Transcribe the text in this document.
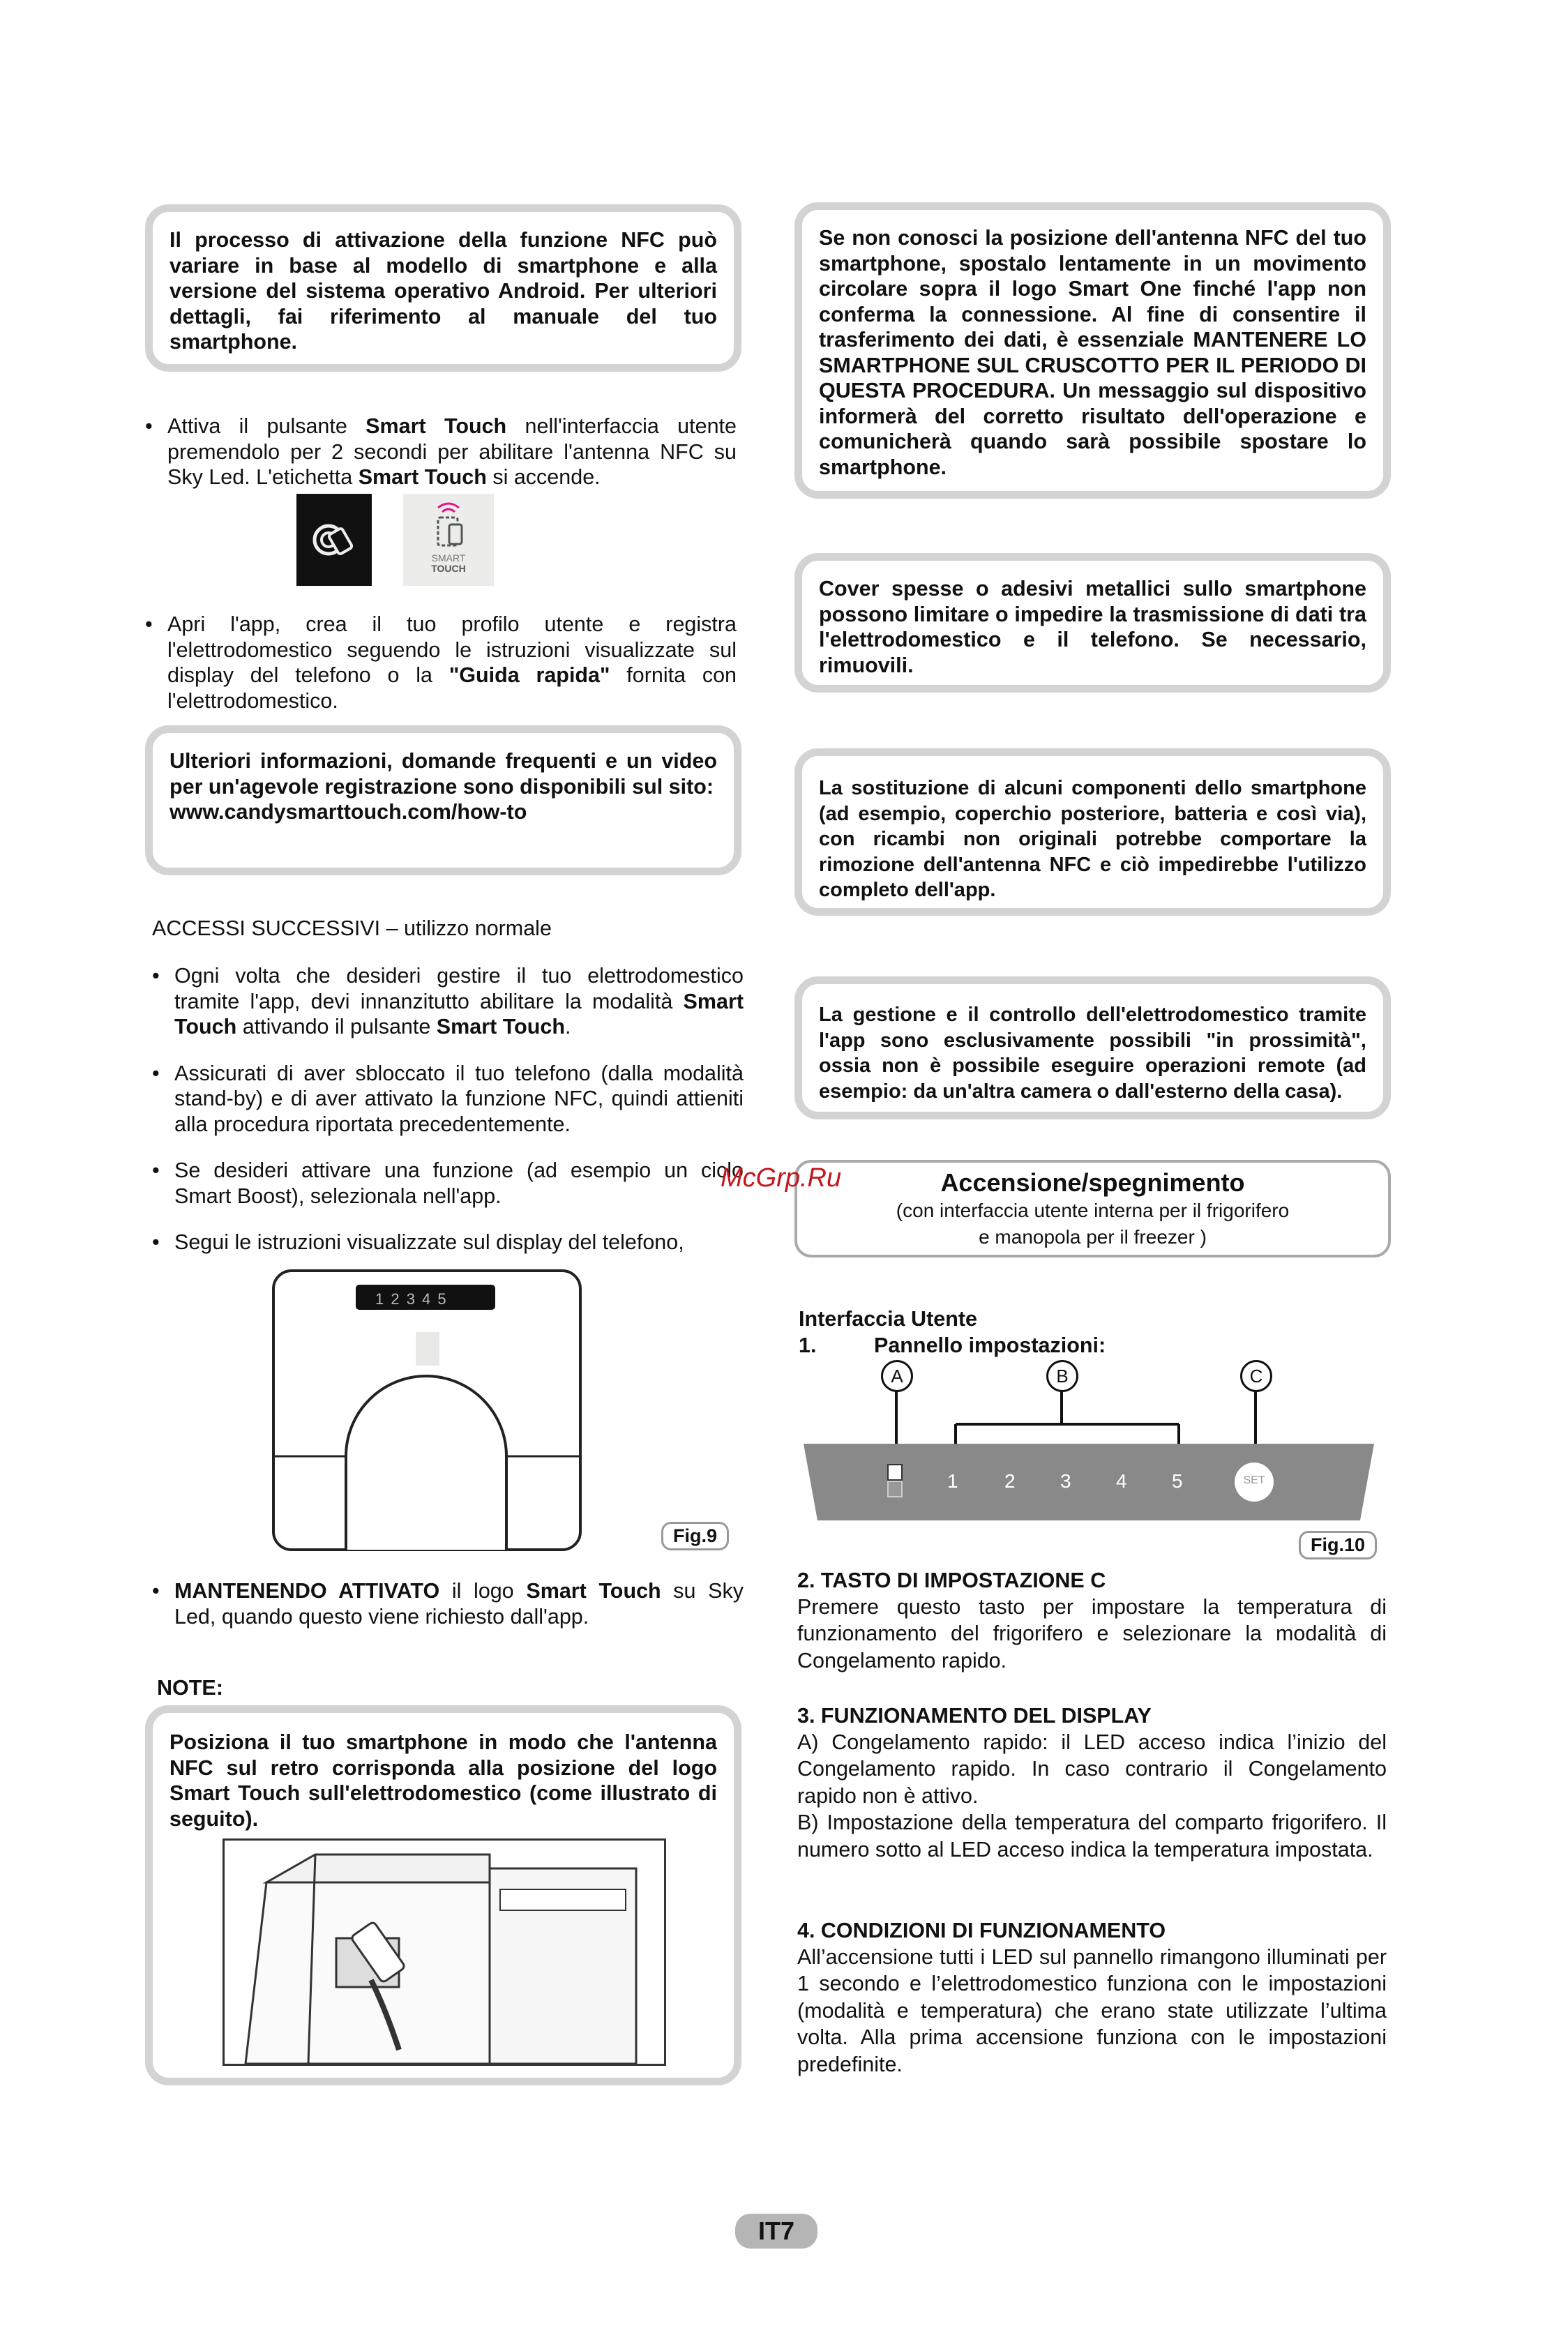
Il processo di attivazione della funzione NFC può variare in base al modello di smartphone e alla versione del sistema operativo Android. Per ulteriori dettagli, fai riferimento al manuale del tuo smartphone.

• Attiva il pulsante Smart Touch nell'interfaccia utente premendolo per 2 secondi per abilitare l'antenna NFC su Sky Led. L'etichetta Smart Touch si accende.
SMART
TOUCH
• Apri l'app, crea il tuo profilo utente e registra l'elettrodomestico seguendo le istruzioni visualizzate sul display del telefono o la "Guida rapida" fornita con l'elettrodomestico.

Ulteriori informazioni, domande frequenti e un video per un'agevole registrazione sono disponibili sul sito:

www.candysmarttouch.com/how-to

ACCESSI SUCCESSIVI – utilizzo normale
• Ogni volta che desideri gestire il tuo elettrodomestico tramite l'app, devi innanzitutto abilitare la modalità Smart Touch attivando il pulsante Smart Touch.
• Assicurati di aver sbloccato il tuo telefono (dalla modalità stand-by) e di aver attivato la funzione NFC, quindi attieniti alla procedura riportata precedentemente.
• Se desideri attivare una funzione (ad esempio un ciclo Smart Boost), selezionala nell'app.
• Segui le istruzioni visualizzate sul display del telefono,
1 2 3 4 5
Fig.9
• MANTENENDO ATTIVATO il logo Smart Touch su Sky Led, quando questo viene richiesto dall'app.
NOTE:

Posiziona il tuo smartphone in modo che l'antenna NFC sul retro corrisponda alla posizione del logo Smart Touch sull'elettrodomestico (come illustrato di seguito).

Se non conosci la posizione dell'antenna NFC del tuo smartphone, spostalo lentamente in un movimento circolare sopra il logo Smart One finché l'app non conferma la connessione. Al fine di consentire il trasferimento dei dati, è essenziale MANTENERE LO SMARTPHONE SUL CRUSCOTTO PER IL PERIODO DI QUESTA PROCEDURA. Un messaggio sul dispositivo informerà del corretto risultato dell'operazione e comunicherà quando sarà possibile spostare lo smartphone.

Cover spesse o adesivi metallici sullo smartphone possono limitare o impedire la trasmissione di dati tra l'elettrodomestico e il telefono. Se necessario, rimuovili.

La sostituzione di alcuni componenti dello smartphone (ad esempio, coperchio posteriore, batteria e così via), con ricambi non originali potrebbe comportare la rimozione dell'antenna NFC e ciò impedirebbe l'utilizzo completo dell'app.

La gestione e il controllo dell'elettrodomestico tramite l'app sono esclusivamente possibili "in prossimità", ossia non è possibile eseguire operazioni remote (ad esempio: da un'altra camera o dall'esterno della casa).

Accensione/spegnimento
(con interfaccia utente interna per il frigorifero
e manopola per il freezer )
McGrp.Ru
Interfaccia Utente
1.	Pannello impostazioni:
A	B	C
1 2 3 4 5	SET
Fig.10
2. TASTO DI IMPOSTAZIONE C

Premere questo tasto per impostare la temperatura di funzionamento del frigorifero e selezionare la modalità di Congelamento rapido.

3. FUNZIONAMENTO DEL DISPLAY

A) Congelamento rapido: il LED acceso indica l’inizio del Congelamento rapido. In caso contrario il Congelamento rapido non è attivo.

B) Impostazione della temperatura del comparto frigorifero. Il numero sotto al LED acceso indica la temperatura impostata.

4. CONDIZIONI DI FUNZIONAMENTO

All’accensione tutti i LED sul pannello rimangono illuminati per 1 secondo e l’elettrodomestico funziona con le impostazioni (modalità e temperatura) che erano state utilizzate l’ultima volta. Alla prima accensione funziona con le impostazioni predefinite.

IT7
